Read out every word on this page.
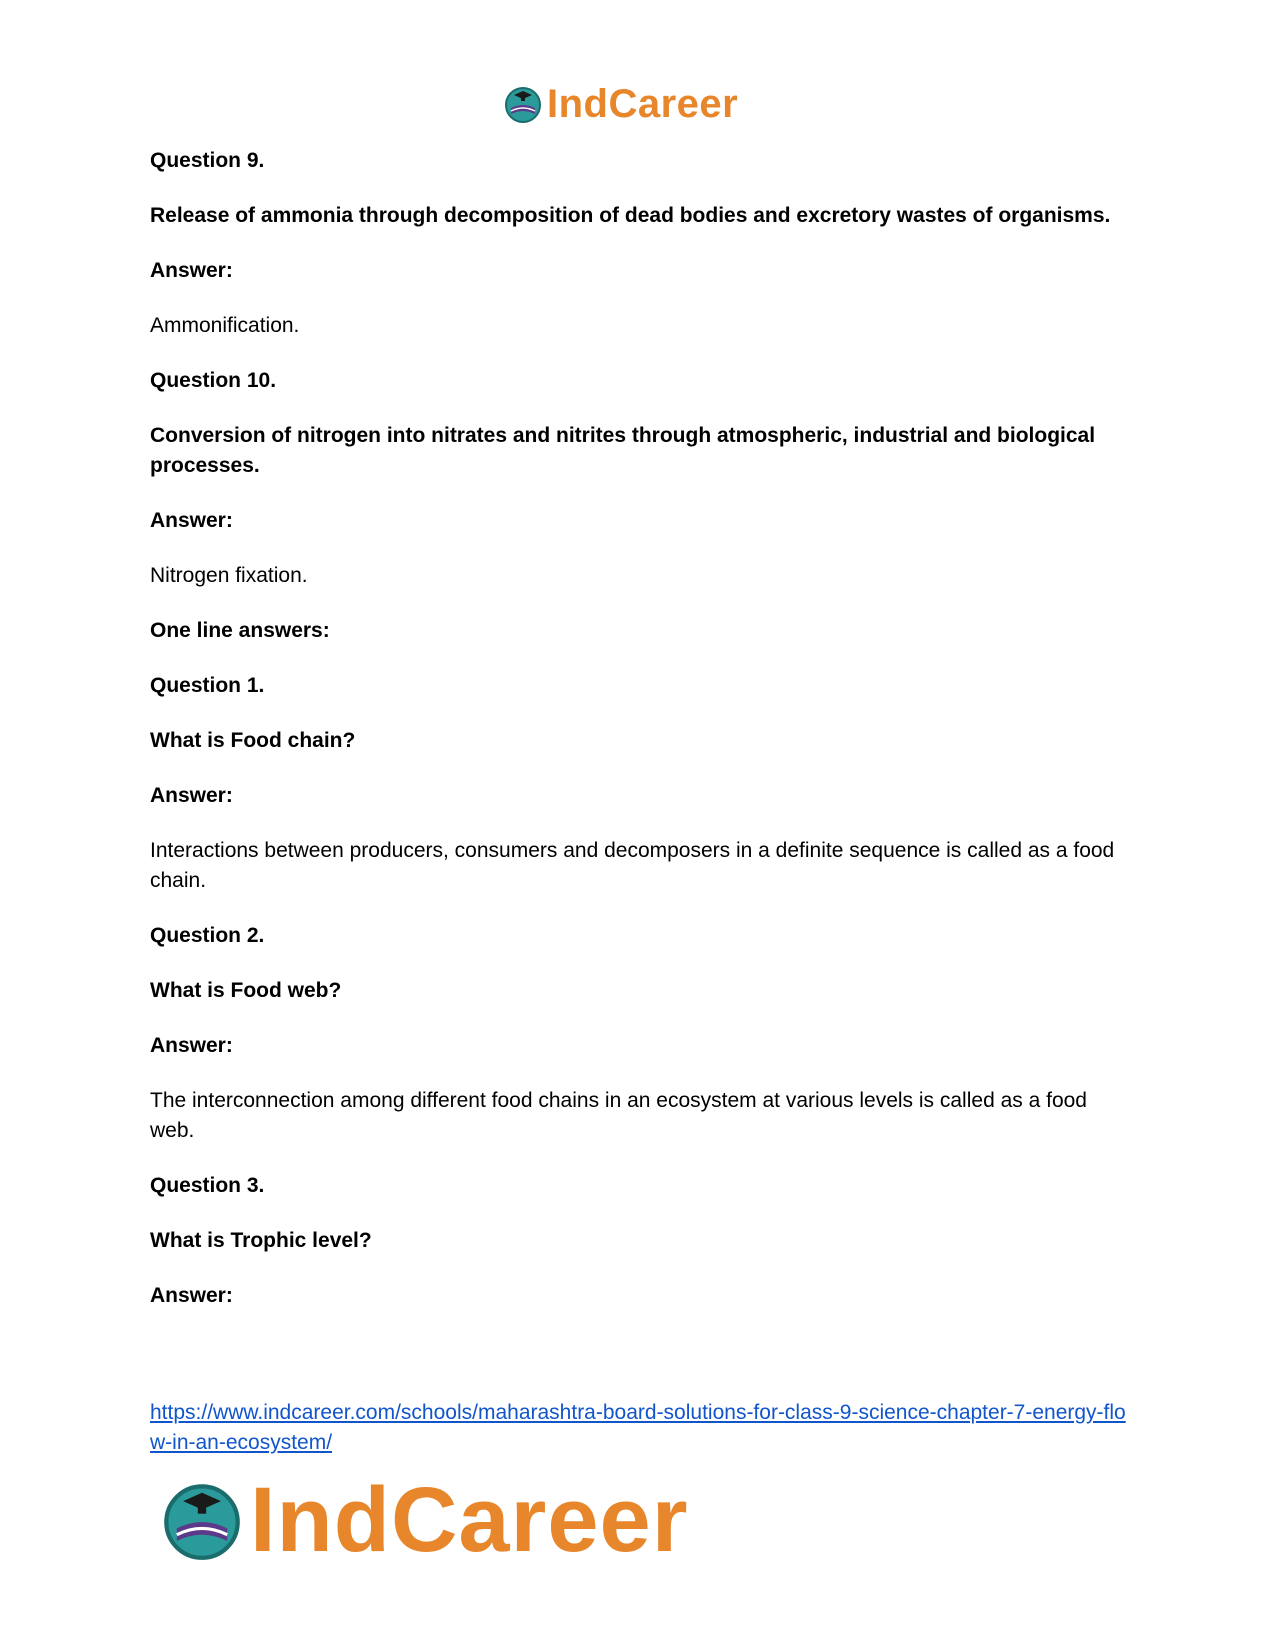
IndCareer

Question 9.

Release of ammonia through decomposition of dead bodies and excretory wastes of organisms.

Answer:

Ammonification.

Question 10.

Conversion of nitrogen into nitrates and nitrites through atmospheric, industrial and biological processes.

Answer:

Nitrogen fixation.

One line answers:

Question 1.

What is Food chain?

Answer:

Interactions between producers, consumers and decomposers in a definite sequence is called as a food chain.

Question 2.

What is Food web?

Answer:

The interconnection among different food chains in an ecosystem at various levels is called as a food web.

Question 3.

What is Trophic level?

Answer:

https://www.indcareer.com/schools/maharashtra-board-solutions-for-class-9-science-chapter-7-energy-flow-in-an-ecosystem/
IndCareer
